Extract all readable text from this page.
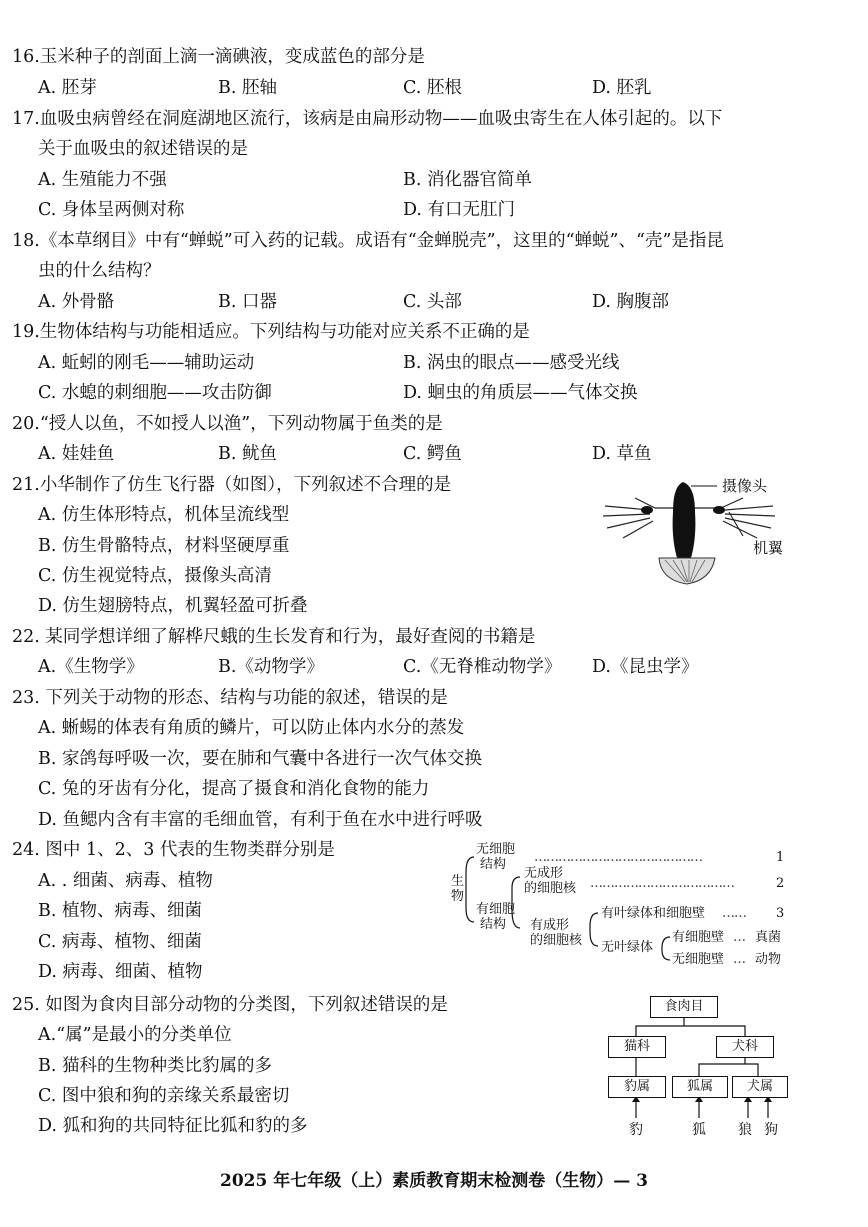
16.玉米种子的剖面上滴一滴碘液，变成蓝色的部分是
A. 胚芽	B. 胚轴	C. 胚根	D. 胚乳
17.血吸虫病曾经在洞庭湖地区流行，该病是由扁形动物——血吸虫寄生在人体引起的。以下
关于血吸虫的叙述错误的是
A. 生殖能力不强	B. 消化器官简单
C. 身体呈两侧对称	D. 有口无肛门
18.《本草纲目》中有“蝉蜕”可入药的记载。成语有“金蝉脱壳”，这里的“蝉蜕”、“壳”是指昆
虫的什么结构？
A. 外骨骼	B. 口器	C. 头部	D. 胸腹部
19.生物体结构与功能相适应。下列结构与功能对应关系不正确的是
A. 蚯蚓的刚毛——辅助运动	B. 涡虫的眼点——感受光线
C. 水螅的刺细胞——攻击防御	D. 蛔虫的角质层——气体交换
20.“授人以鱼，不如授人以渔”，下列动物属于鱼类的是
A. 娃娃鱼	B. 鱿鱼	C. 鳄鱼	D. 草鱼
21.小华制作了仿生飞行器（如图），下列叙述不合理的是
A. 仿生体形特点，机体呈流线型
B. 仿生骨骼特点，材料坚硬厚重
C. 仿生视觉特点，摄像头高清
D. 仿生翅膀特点，机翼轻盈可折叠
摄像头
机翼
22. 某同学想详细了解桦尺蛾的生长发育和行为，最好查阅的书籍是
A.《生物学》	B.《动物学》	C.《无脊椎动物学》 D.《昆虫学》
23. 下列关于动物的形态、结构与功能的叙述，错误的是
A. 蜥蜴的体表有角质的鳞片，可以防止体内水分的蒸发
B. 家鸽每呼吸一次，要在肺和气囊中各进行一次气体交换
C. 兔的牙齿有分化，提高了摄食和消化食物的能力
D. 鱼鳃内含有丰富的毛细血管，有利于鱼在水中进行呼吸
24. 图中 1、2、3 代表的生物类群分别是
A. . 细菌、病毒、植物
B. 植物、病毒、细菌
C. 病毒、植物、细菌
D. 病毒、细菌、植物
生
物
无细胞
结构 ……………………………………	1
有细胞
结构
无成形
的细胞核 ………………………………	2
有成形
的细胞核
有叶绿体和细胞壁 …… 3
无叶绿体
有细胞壁 … 真菌
无细胞壁 … 动物
25. 如图为食肉目部分动物的分类图，下列叙述错误的是
A.“属”是最小的分类单位
B. 猫科的生物种类比豹属的多
C. 图中狼和狗的亲缘关系最密切
D. 狐和狗的共同特征比狐和豹的多
食肉目
猫科	犬科
豹属	狐属	犬属
豹	狐 狼 狗
2025 年七年级（上）素质教育期末检测卷（生物）— 3
